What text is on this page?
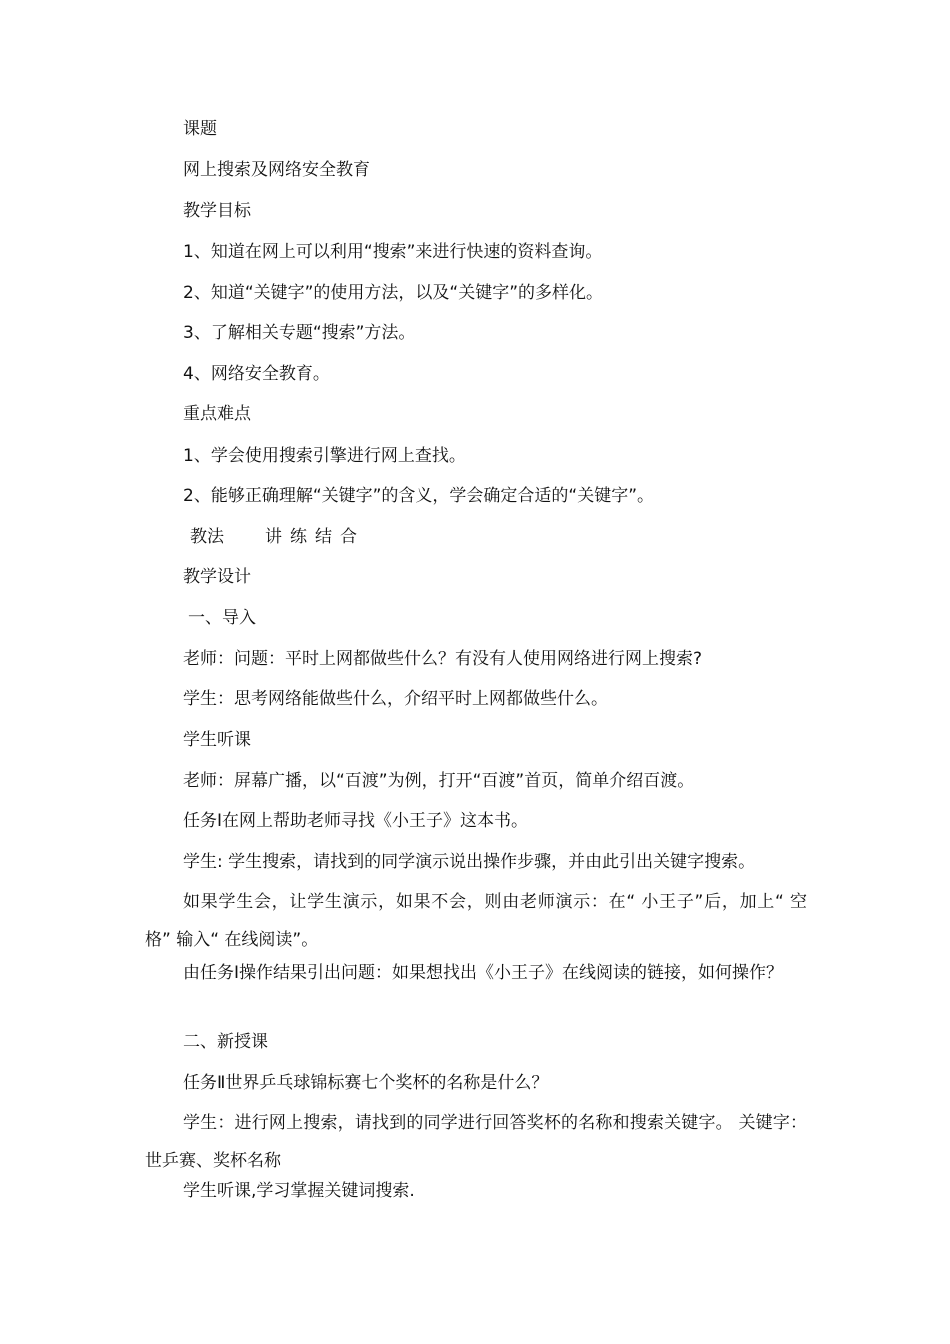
课题

网上搜索及网络安全教育

教学目标

1、知道在网上可以利用“搜索”来进行快速的资料查询。

2、知道“关键字”的使用方法，以及“关键字”的多样化。

3、了解相关专题“搜索”方法。

4、网络安全教育。

重点难点

1、学会使用搜索引擎进行网上查找。

2、能够正确理解“关键字”的含义，学会确定合适的“关键字”。

教法 讲练结合

教学设计

一、导入

老师：问题：平时上网都做些什么？有没有人使用网络进行网上搜索?

学生：思考网络能做些什么，介绍平时上网都做些什么。

学生听课

老师：屏幕广播，以“百渡”为例，打开“百渡”首页，简单介绍百渡。

任务Ⅰ在网上帮助老师寻找《小王子》这本书。

学生: 学生搜索，请找到的同学演示说出操作步骤，并由此引出关键字搜索。

如果学生会，让学生演示，如果不会，则由老师演示：在“ 小王子”后，加上“ 空格” 输入“ 在线阅读”。

由任务Ⅰ操作结果引出问题：如果想找出《小王子》在线阅读的链接，如何操作？

二、新授课

任务Ⅱ世界乒乓球锦标赛七个奖杯的名称是什么？

学生：进行网上搜索，请找到的同学进行回答奖杯的名称和搜索关键字。 关键字：世乒赛、奖杯名称

学生听课,学习掌握关键词搜索.
